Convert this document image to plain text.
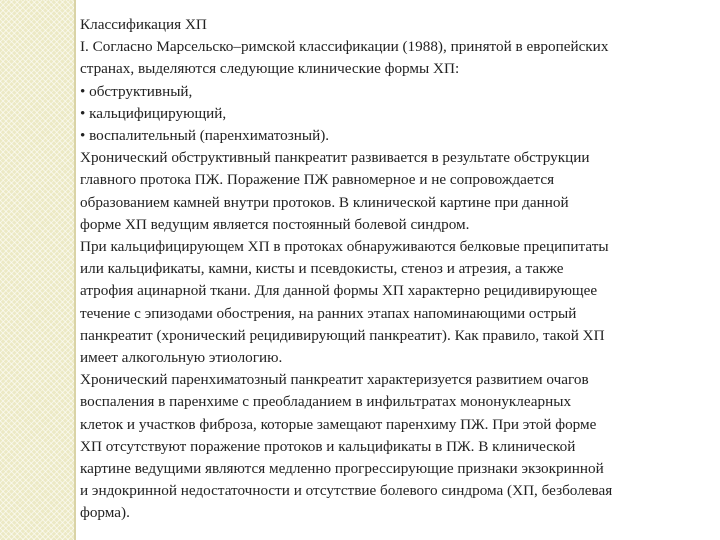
Классификация ХП

I. Согласно Марсельско–римской классификации (1988), принятой в европейских

странах, выделяются следующие клинические формы ХП:

• обструктивный,

• кальцифицирующий,

• воспалительный (паренхиматозный).

Хронический обструктивный панкреатит развивается в результате обструкции

главного протока ПЖ. Поражение ПЖ равномерное и не сопровождается

образованием камней внутри протоков. В клинической картине при данной

форме ХП ведущим является постоянный болевой синдром.

При кальцифицирующем ХП в протоках обнаруживаются белковые преципитаты

или кальцификаты, камни, кисты и псевдокисты, стеноз и атрезия, а также

атрофия ацинарной ткани. Для данной формы ХП характерно рецидивирующее

течение с эпизодами обострения, на ранних этапах напоминающими острый

панкреатит (хронический рецидивирующий панкреатит). Как правило, такой ХП

имеет алкогольную этиологию.

Хронический паренхиматозный панкреатит характеризуется развитием очагов

воспаления в паренхиме с преобладанием в инфильтратах мононуклеарных

клеток и участков фиброза, которые замещают паренхиму ПЖ. При этой форме

ХП отсутствуют поражение протоков и кальцификаты в ПЖ. В клинической

картине ведущими являются медленно прогрессирующие признаки экзокринной

и эндокринной недостаточности и отсутствие болевого синдрома (ХП, безболевая

форма).
